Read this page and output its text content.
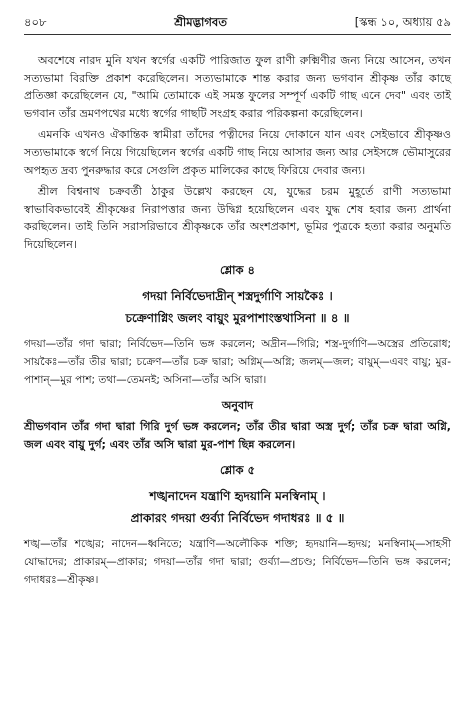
৪০৮	শ্রীমদ্ভাগবত	[স্কন্ধ ১০, অধ্যায় ৫৯

অবশেষে নারদ মুনি যখন স্বর্গের একটি পারিজাত ফুল রাণী রুক্মিণীর জন্য নিয়ে আসেন, তখন সত্যভামা বিরক্তি প্রকাশ করেছিলেন। সত্যভামাকে শান্ত করার জন্য ভগবান শ্রীকৃষ্ণ তাঁর কাছে প্রতিজ্ঞা করেছিলেন যে, "আমি তোমাকে এই সমস্ত ফুলের সম্পূর্ণ একটি গাছ এনে দেব" এবং তাই ভগবান তাঁর ভ্রমণপথের মধ্যে স্বর্গের গাছটি সংগ্রহ করার পরিকল্পনা করেছিলেন।

এমনকি এখনও ঐকান্তিক স্বামীরা তাঁদের পত্নীদের নিয়ে দোকানে যান এবং সেইভাবে শ্রীকৃষ্ণও সত্যভামাকে স্বর্গে নিয়ে গিয়েছিলেন স্বর্গের একটি গাছ নিয়ে আসার জন্য আর সেইসঙ্গে ভৌমাসুরের অপহৃত দ্রব্য পুনরুদ্ধার করে সেগুলি প্রকৃত মালিকের কাছে ফিরিয়ে দেবার জন্য।

শ্রীল বিশ্বনাথ চক্রবর্তী ঠাকুর উল্লেখ করছেন যে, যুদ্ধের চরম মুহূর্তে রাণী সত্যভামা স্বাভাবিকভাবেই শ্রীকৃষ্ণের নিরাপত্তার জন্য উদ্বিগ্ন হয়েছিলেন এবং যুদ্ধ শেষ হবার জন্য প্রার্থনা করছিলেন। তাই তিনি সরাসরিভাবে শ্রীকৃষ্ণকে তাঁর অংশপ্রকাশ, ভূমির পুত্রকে হত্যা করার অনুমতি দিয়েছিলেন।

শ্লোক ৪
গদয়া নির্বিভেদাদ্রীন্ শস্ত্রদুর্গাণি সায়কৈঃ ।
চক্রেণাগ্নিং জলং বায়ুং মুরপাশাংস্তথাসিনা ॥ ৪ ॥
গদয়া—তাঁর গদা দ্বারা; নির্বিভেদ—তিনি ভঙ্গ করলেন; অদ্রীন—গিরি; শস্ত্র-দুর্গাণি—অস্ত্রের প্রতিরোধ; সায়কৈঃ—তাঁর তীর দ্বারা; চক্রেণ—তাঁর চক্র দ্বারা; অগ্নিম্—অগ্নি; জলম্—জল; বায়ুম্—এবং বায়ু; মুর-পাশান্—মুর পাশ; তথা—তেমনই; অসিনা—তাঁর অসি দ্বারা।
অনুবাদ
শ্রীভগবান তাঁর গদা দ্বারা গিরি দুর্গ ভঙ্গ করলেন; তাঁর তীর দ্বারা অস্ত্র দুর্গ; তাঁর চক্র দ্বারা অগ্নি, জল এবং বায়ু দুর্গ; এবং তাঁর অসি দ্বারা মুর-পাশ ছিন্ন করলেন।
শ্লোক ৫
শঙ্খনাদেন যন্ত্রাণি হৃদয়ানি মনস্বিনাম্ ।
প্রাকারং গদয়া গুর্ব্যা নির্বিভেদ গদাধরঃ ॥ ৫ ॥
শঙ্খ—তাঁর শঙ্খের; নাদেন—ধ্বনিতে; যন্ত্রাণি—অলৌকিক শক্তি; হৃদয়ানি—হৃদয়; মনস্বিনাম্—সাহসী যোদ্ধাদের; প্রাকারম্—প্রাকার; গদয়া—তাঁর গদা দ্বারা; গুর্ব্যা—প্রচণ্ড; নির্বিভেদ—তিনি ভঙ্গ করলেন; গদাধরঃ—শ্রীকৃষ্ণ।
